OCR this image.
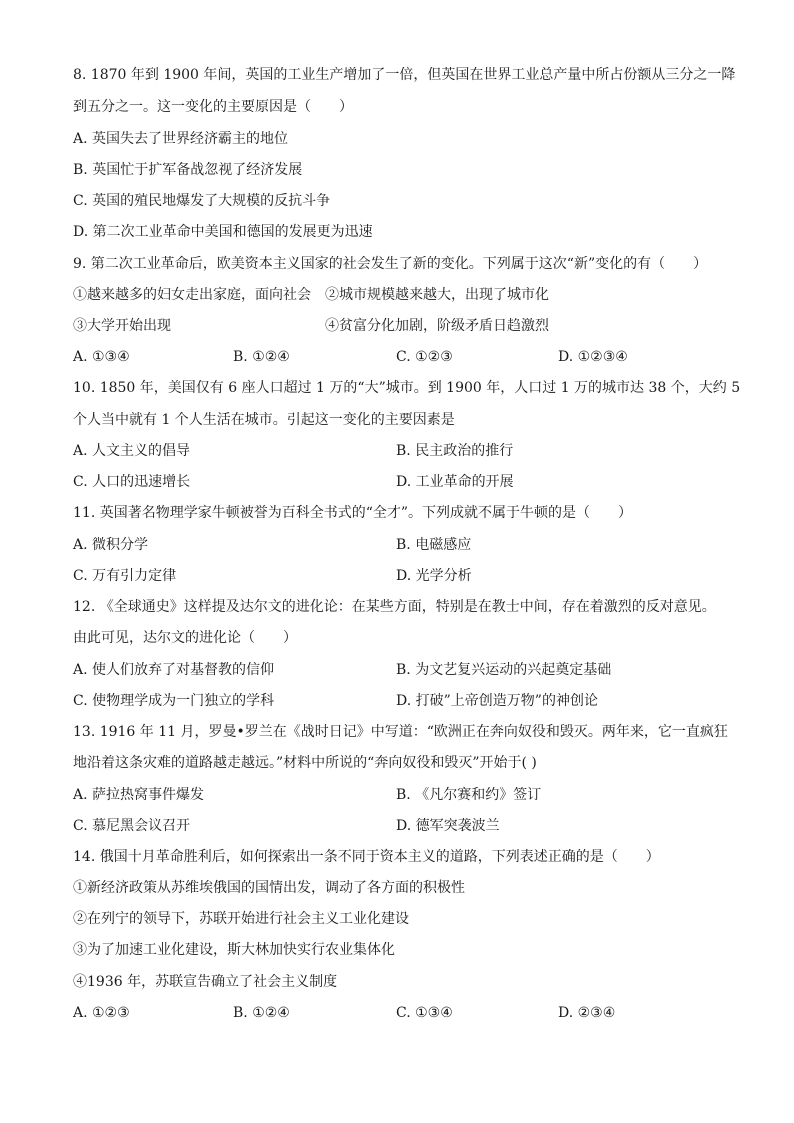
8. 1870 年到 1900 年间，英国的工业生产增加了一倍，但英国在世界工业总产量中所占份额从三分之一降
到五分之一。这一变化的主要原因是（　　）
A. 英国失去了世界经济霸主的地位
B. 英国忙于扩军备战忽视了经济发展
C. 英国的殖民地爆发了大规模的反抗斗争
D. 第二次工业革命中美国和德国的发展更为迅速
9. 第二次工业革命后，欧美资本主义国家的社会发生了新的变化。下列属于这次“新”变化的有（　　）
①越来越多的妇女走出家庭，面向社会 ②城市规模越来越大，出现了城市化
③大学开始出现	④贫富分化加剧，阶级矛盾日趋激烈
A. ①③④	B. ①②④	C. ①②③	D. ①②③④
10. 1850 年，美国仅有 6 座人口超过 1 万的“大”城市。到 1900 年，人口过 1 万的城市达 38 个，大约 5
个人当中就有 1 个人生活在城市。引起这一变化的主要因素是
A. 人文主义的倡导	B. 民主政治的推行
C. 人口的迅速增长	D. 工业革命的开展
11. 英国著名物理学家牛顿被誉为百科全书式的“全才”。下列成就不属于牛顿的是（　　）
A. 微积分学	B. 电磁感应
C. 万有引力定律	D. 光学分析
12. 《全球通史》这样提及达尔文的进化论：在某些方面，特别是在教士中间，存在着激烈的反对意见。
由此可见，达尔文的进化论（　　）
A. 使人们放弃了对基督教的信仰	B. 为文艺复兴运动的兴起奠定基础
C. 使物理学成为一门独立的学科	D. 打破”上帝创造万物”的神创论
13. 1916 年 11 月，罗曼•罗兰在《战时日记》中写道：“欧洲正在奔向奴役和毁灭。两年来，它一直疯狂
地沿着这条灾难的道路越走越远。”材料中所说的“奔向奴役和毁灭”开始于( )
A. 萨拉热窝事件爆发	B. 《凡尔赛和约》签订
C. 慕尼黑会议召开	D. 德军突袭波兰
14. 俄国十月革命胜利后，如何探索出一条不同于资本主义的道路，下列表述正确的是（　　）
①新经济政策从苏维埃俄国的国情出发，调动了各方面的积极性
②在列宁的领导下，苏联开始进行社会主义工业化建设
③为了加速工业化建设，斯大林加快实行农业集体化
④1936 年，苏联宣告确立了社会主义制度
A. ①②③	B. ①②④	C. ①③④	D. ②③④
